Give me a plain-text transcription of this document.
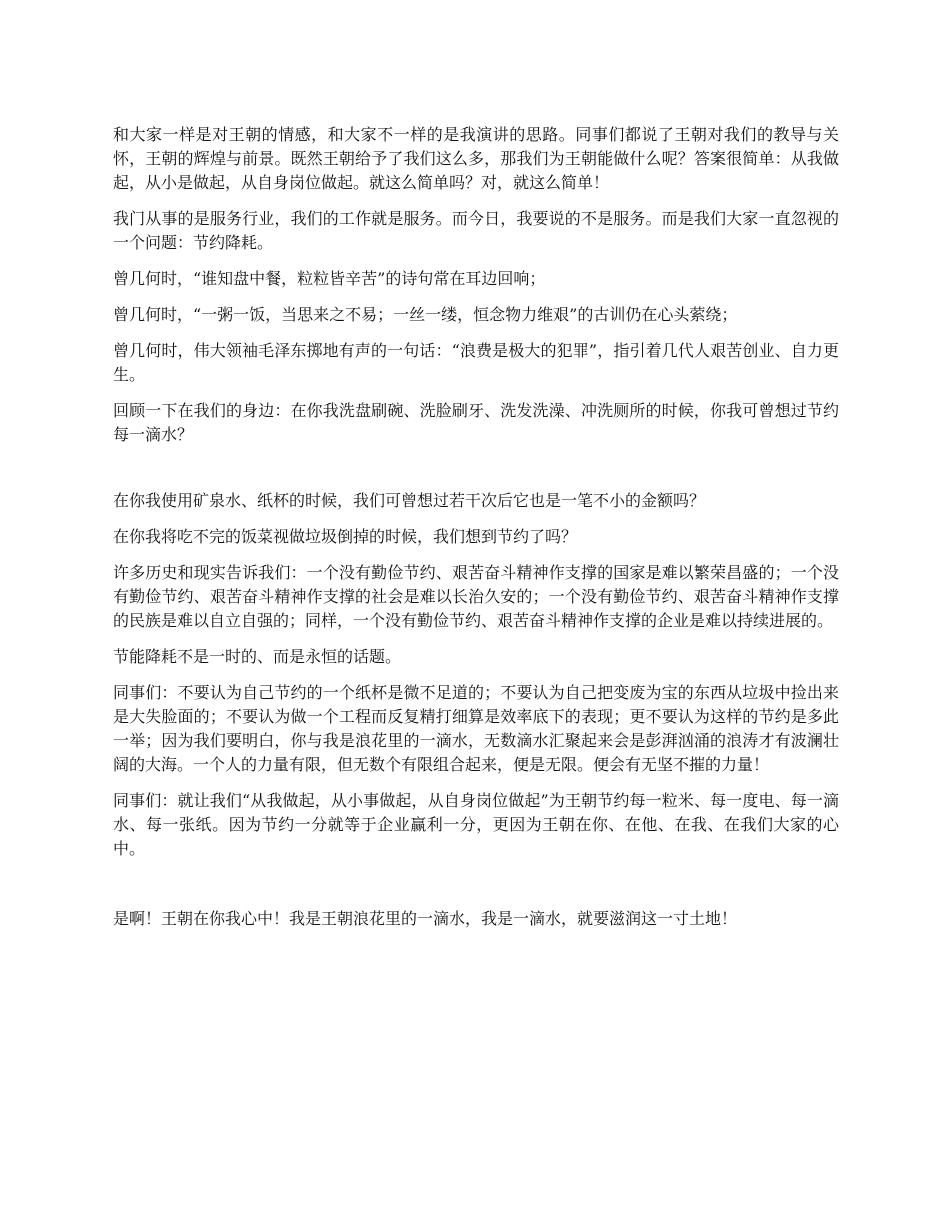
和大家一样是对王朝的情感，和大家不一样的是我演讲的思路。同事们都说了王朝对我们的教导与关怀，王朝的辉煌与前景。既然王朝给予了我们这么多，那我们为王朝能做什么呢？答案很简单：从我做起，从小是做起，从自身岗位做起。就这么简单吗？对，就这么简单！

我门从事的是服务行业，我们的工作就是服务。而今日，我要说的不是服务。而是我们大家一直忽视的一个问题：节约降耗。

曾几何时，“谁知盘中餐，粒粒皆辛苦”的诗句常在耳边回响；

曾几何时，“一粥一饭，当思来之不易；一丝一缕，恒念物力维艰”的古训仍在心头萦绕；

曾几何时，伟大领袖毛泽东掷地有声的一句话：“浪费是极大的犯罪”，指引着几代人艰苦创业、自力更生。

回顾一下在我们的身边：在你我洗盘刷碗、洗脸刷牙、洗发洗澡、冲洗厕所的时候，你我可曾想过节约每一滴水？

在你我使用矿泉水、纸杯的时候，我们可曾想过若干次后它也是一笔不小的金额吗？

在你我将吃不完的饭菜视做垃圾倒掉的时候，我们想到节约了吗？

许多历史和现实告诉我们：一个没有勤俭节约、艰苦奋斗精神作支撑的国家是难以繁荣昌盛的；一个没有勤俭节约、艰苦奋斗精神作支撑的社会是难以长治久安的；一个没有勤俭节约、艰苦奋斗精神作支撑的民族是难以自立自强的；同样，一个没有勤俭节约、艰苦奋斗精神作支撑的企业是难以持续进展的。

节能降耗不是一时的、而是永恒的话题。

同事们：不要认为自己节约的一个纸杯是微不足道的；不要认为自己把变废为宝的东西从垃圾中捡出来是大失脸面的；不要认为做一个工程而反复精打细算是效率底下的表现；更不要认为这样的节约是多此一举；因为我们要明白，你与我是浪花里的一滴水，无数滴水汇聚起来会是彭湃汹涌的浪涛才有波澜壮阔的大海。一个人的力量有限，但无数个有限组合起来，便是无限。便会有无坚不摧的力量！

同事们：就让我们“从我做起，从小事做起，从自身岗位做起”为王朝节约每一粒米、每一度电、每一滴水、每一张纸。因为节约一分就等于企业赢利一分，更因为王朝在你、在他、在我、在我们大家的心中。

是啊！王朝在你我心中！我是王朝浪花里的一滴水，我是一滴水，就要滋润这一寸土地！
